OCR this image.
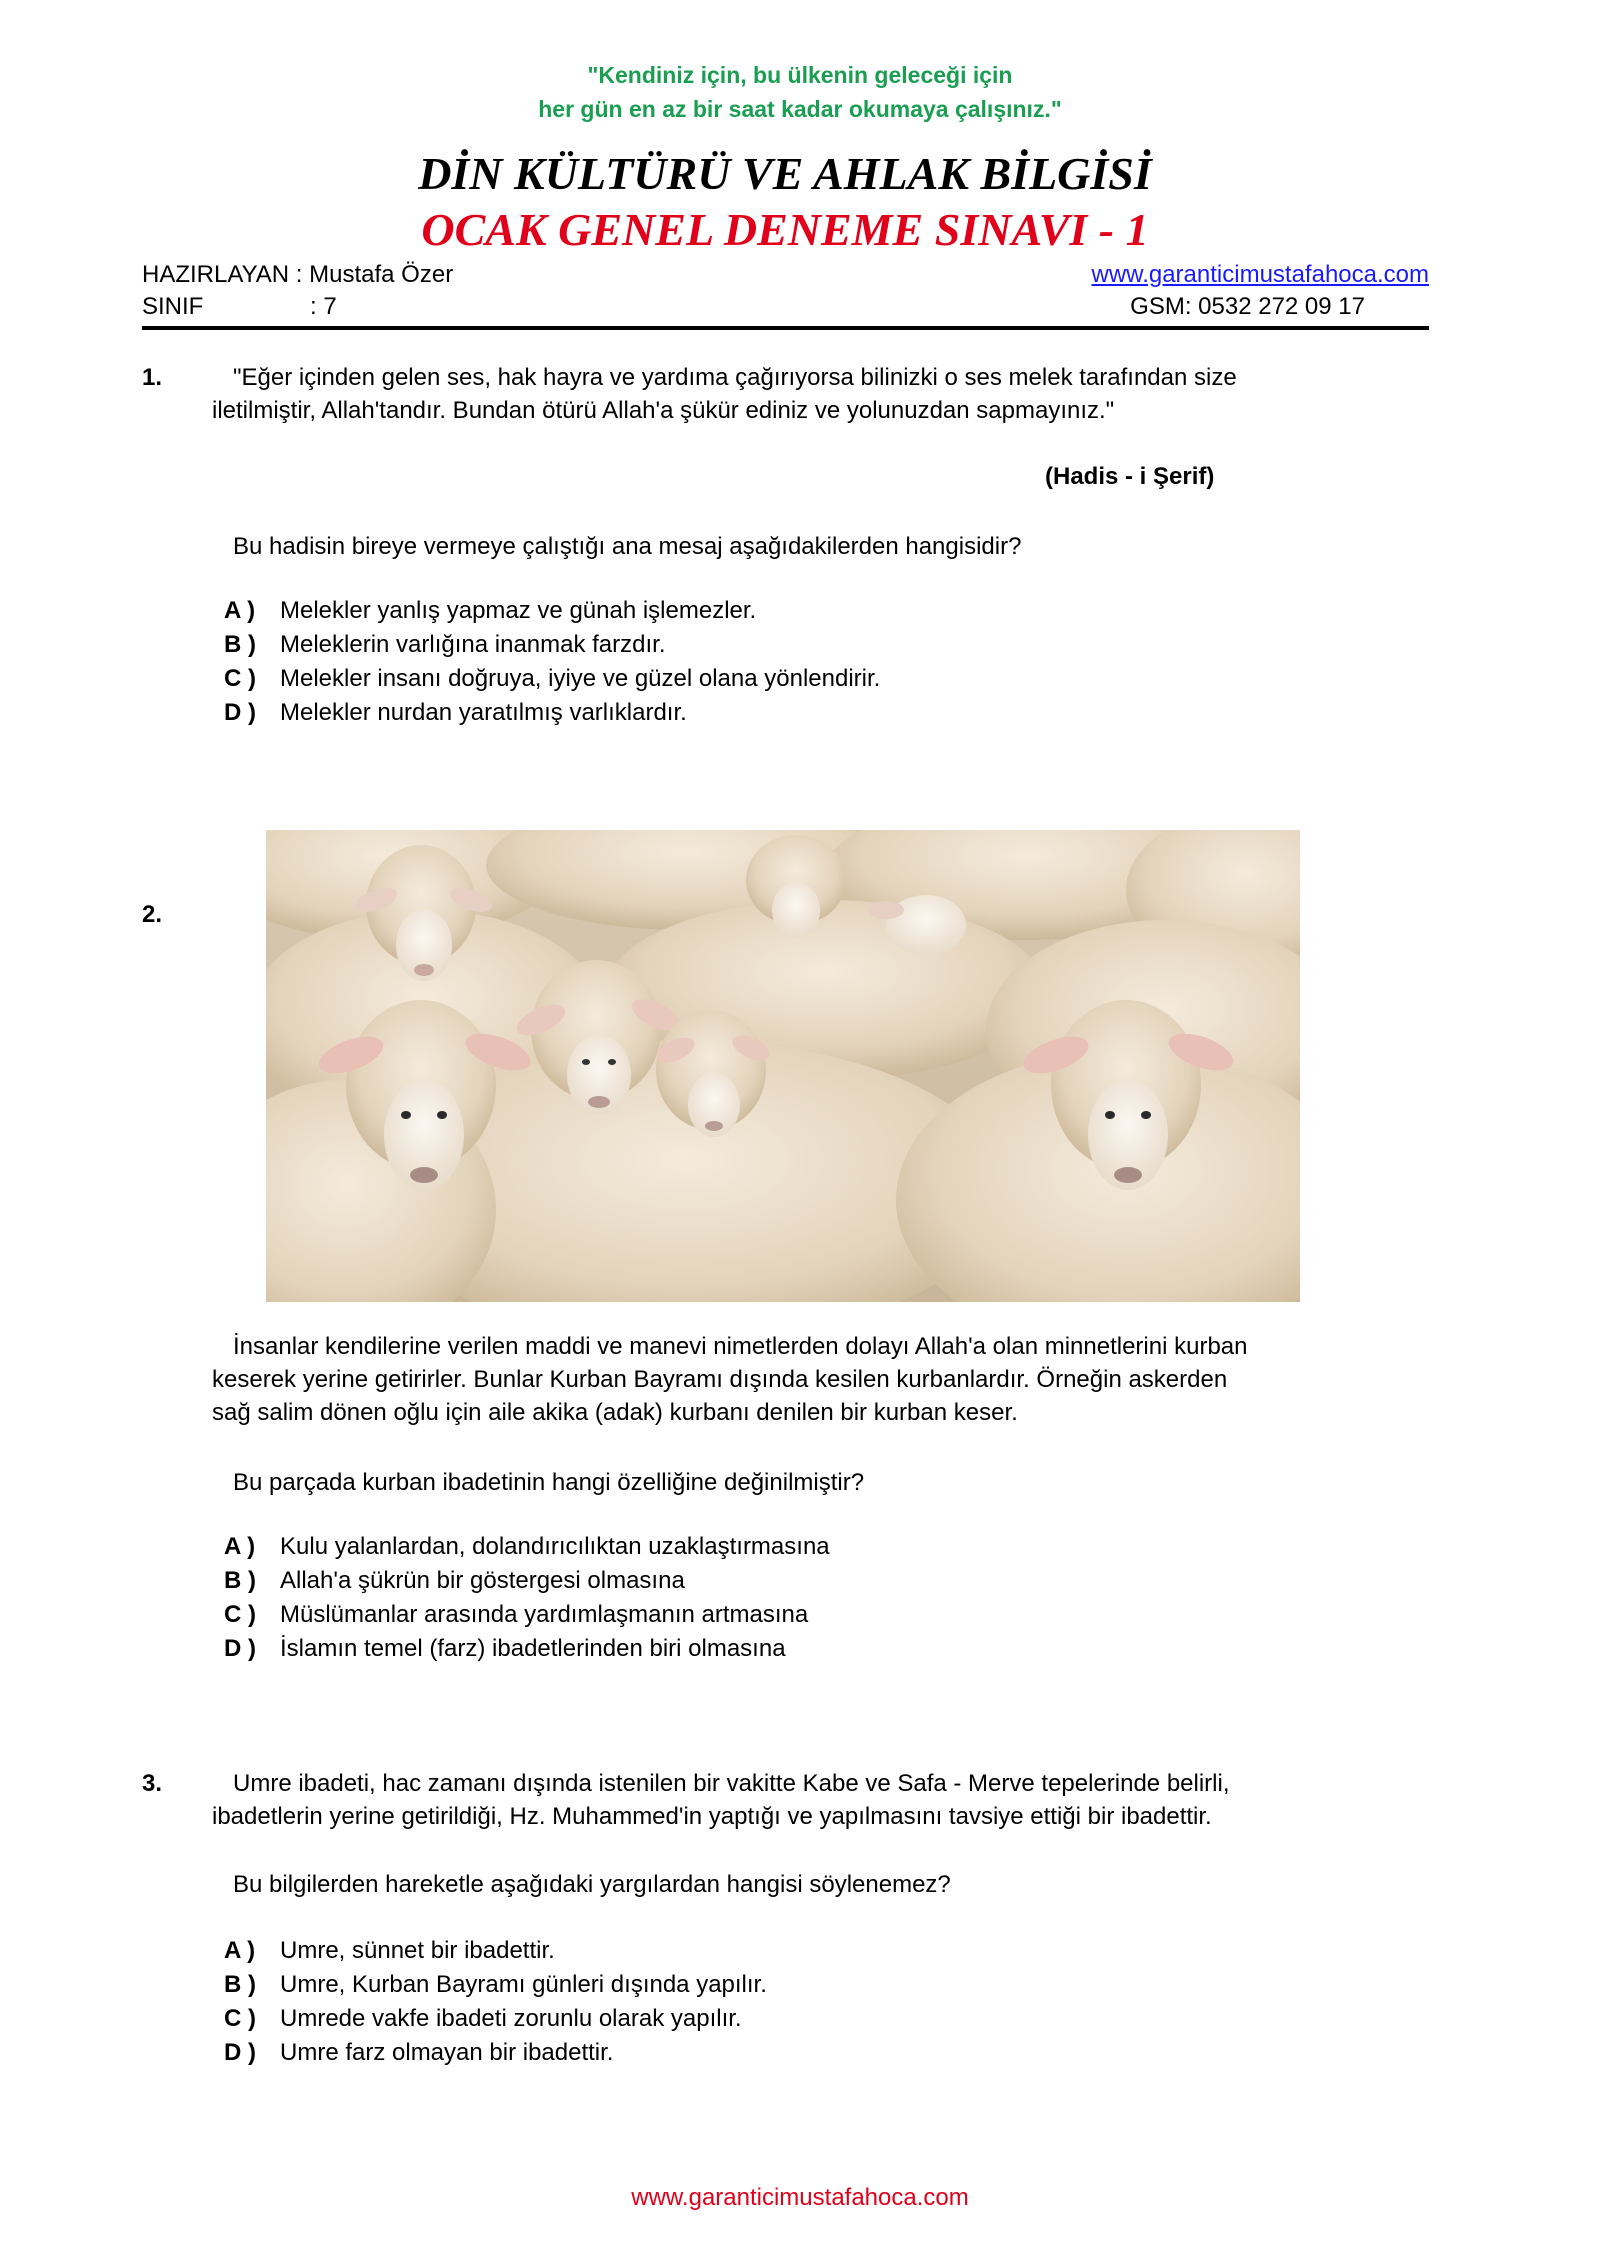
"Kendiniz için, bu ülkenin geleceği için
her gün en az bir saat kadar okumaya çalışınız."
DİN KÜLTÜRÜ VE AHLAK BİLGİSİ
OCAK GENEL DENEME SINAVI - 1
HAZIRLAYAN : Mustafa Özer
SINIF	: 7
www.garanticimustafahoca.com
GSM: 0532 272 09 17
1.	"Eğer içinden gelen ses, hak hayra ve yardıma çağırıyorsa bilinizki o ses melek tarafından size
iletilmiştir, Allah'tandır. Bundan ötürü Allah'a şükür ediniz ve yolunuzdan sapmayınız."
(Hadis - i Şerif)
Bu hadisin bireye vermeye çalıştığı ana mesaj aşağıdakilerden hangisidir?
A ) Melekler yanlış yapmaz ve günah işlemezler.
B ) Meleklerin varlığına inanmak farzdır.
C ) Melekler insanı doğruya, iyiye ve güzel olana yönlendirir.
D ) Melekler nurdan yaratılmış varlıklardır.
2.
İnsanlar kendilerine verilen maddi ve manevi nimetlerden dolayı Allah'a olan minnetlerini kurban
keserek yerine getirirler. Bunlar Kurban Bayramı dışında kesilen kurbanlardır. Örneğin askerden
sağ salim dönen oğlu için aile akika (adak) kurbanı denilen bir kurban keser.
Bu parçada kurban ibadetinin hangi özelliğine değinilmiştir?
A ) Kulu yalanlardan, dolandırıcılıktan uzaklaştırmasına
B ) Allah'a şükrün bir göstergesi olmasına
C ) Müslümanlar arasında yardımlaşmanın artmasına
D ) İslamın temel (farz) ibadetlerinden biri olmasına
3.	Umre ibadeti, hac zamanı dışında istenilen bir vakitte Kabe ve Safa - Merve tepelerinde belirli,
ibadetlerin yerine getirildiği, Hz. Muhammed'in yaptığı ve yapılmasını tavsiye ettiği bir ibadettir.
Bu bilgilerden hareketle aşağıdaki yargılardan hangisi söylenemez?
A ) Umre, sünnet bir ibadettir.
B ) Umre, Kurban Bayramı günleri dışında yapılır.
C ) Umrede vakfe ibadeti zorunlu olarak yapılır.
D ) Umre farz olmayan bir ibadettir.
www.garanticimustafahoca.com
